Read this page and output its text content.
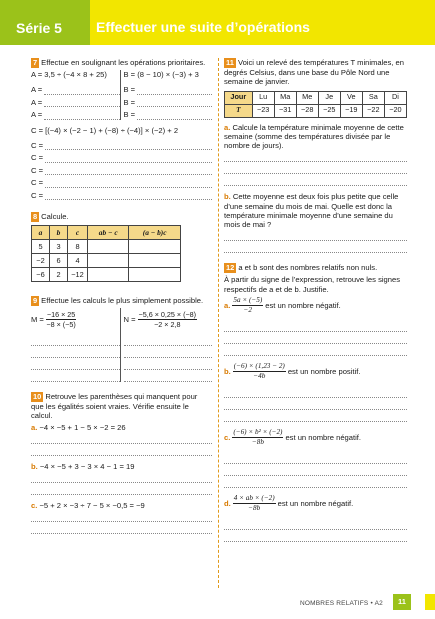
Série 5 Effectuer une suite d’opérations
7 Effectue en soulignant les opérations prioritaires.
A = 3,5 ÷ (−4 × 8 + 25)
A =
A =
A =
B = (8 − 10) × (−3) + 3
B =
B =
B =
C = [(−4) × (−2 − 1) + (−8) ÷ (−4)] × (−2) + 2
C =
C =
C =
C =
C =
8 Calcule.
a	b	c	ab − c	(a − b)c
5	3	8		
−2	6	4		
−6	2	−12		
9 Effectue les calculs le plus simplement possible.
$M = \frac{-16 \times 25}{-8 \times (-5)}$	$N = \frac{-5,6 \times 0,25 \times (-8)}{-2 \times 2,8}$
10 Retrouve les parenthèses qui manquent pour que les égalités soient vraies. Vérifie ensuite le calcul.
a. −4 × −5 + 1 − 5 × −2 = 26
b. −4 × −5 + 3 − 3 × 4 − 1 = 19
c. −5 + 2 × −3 ÷ 7 − 5 × −0,5 = −9
11 Voici un relevé des températures T minimales, en degrés Celsius, dans une base du Pôle Nord une semaine de janvier.
Jour	Lu	Ma	Me	Je	Ve	Sa	Di
T	−23	−31	−28	−25	−19	−22	−20
a. Calcule la température minimale moyenne de cette semaine (somme des températures divisée par le nombre de jours).
b. Cette moyenne est deux fois plus petite que celle d’une semaine du mois de mai. Quelle est donc la température minimale moyenne d’une semaine du mois de mai ?
12 a et b sont des nombres relatifs non nuls.
À partir du signe de l’expression, retrouve les signes respectifs de a et de b. Justifie.
a. $\frac{5a \times (-5)}{-2}$ est un nombre négatif.
b. $\frac{(-6) \times (1,23 - 2)}{-4b}$ est un nombre positif.
c. $\frac{\text{(−6) × b² × (−2)}}{-8b}$ est un nombre négatif.
d. $\frac{4 \times ab \times (-2)}{-8b}$ est un nombre négatif.
NOMBRES RELATIFS • A2	11
